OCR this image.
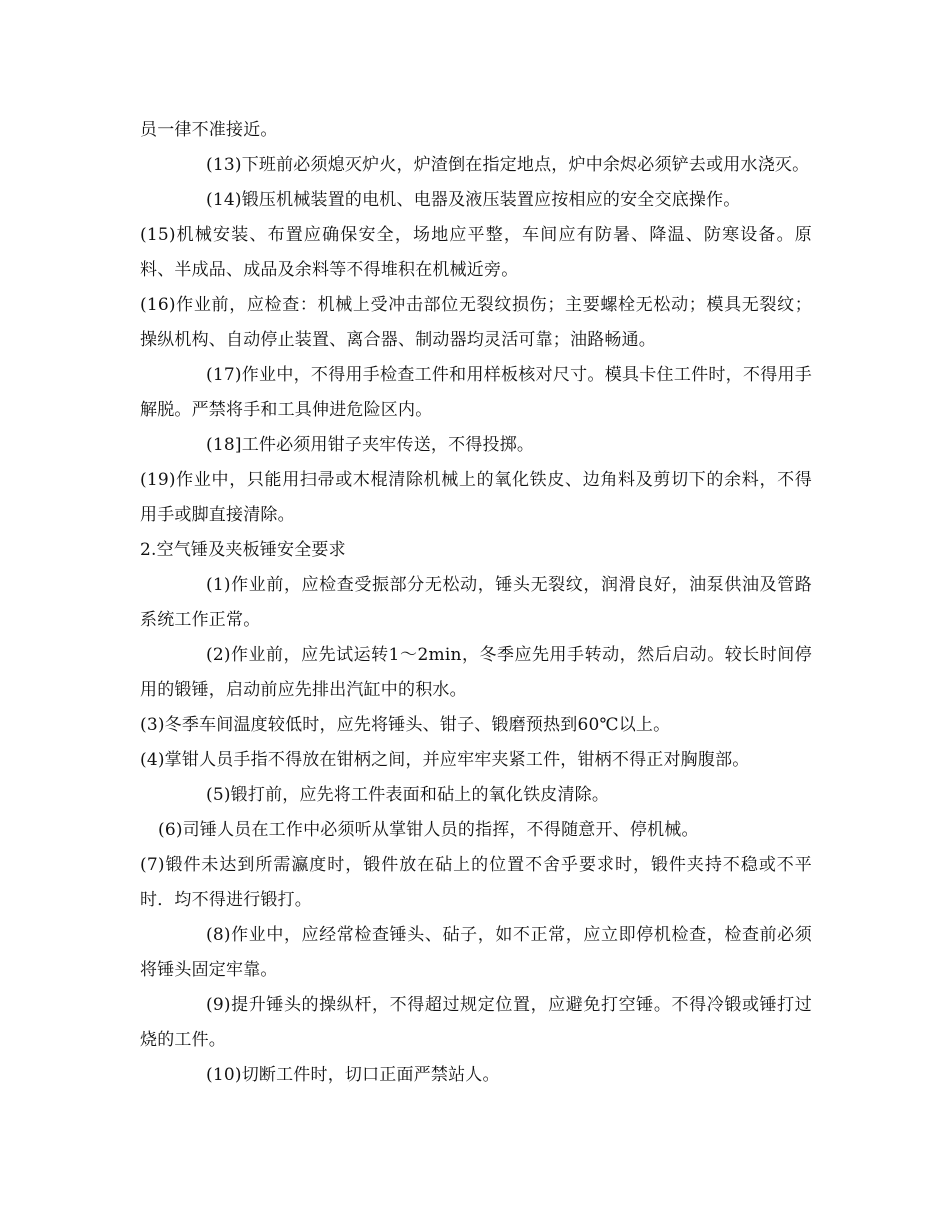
员一律不准接近。

(13)下班前必须熄灭炉火，炉渣倒在指定地点，炉中余烬必须铲去或用水浇灭。

(14)锻压机械装置的电机、电器及液压装置应按相应的安全交底操作。

(15)机械安装、布置应确保安全，场地应平整，车间应有防暑、降温、防寒设备。原料、半成品、成品及余料等不得堆积在机械近旁。

(16)作业前，应检查：机械上受冲击部位无裂纹损伤；主要螺栓无松动；模具无裂纹；操纵机构、自动停止装置、离合器、制动器均灵活可靠；油路畅通。

(17)作业中，不得用手检查工件和用样板核对尺寸。模具卡住工件时，不得用手解脱。严禁将手和工具伸进危险区内。

(18]工件必须用钳子夹牢传送，不得投掷。

(19)作业中，只能用扫帚或木棍清除机械上的氧化铁皮、边角料及剪切下的余料，不得用手或脚直接清除。

2.空气锤及夹板锤安全要求

(1)作业前，应检查受振部分无松动，锤头无裂纹，润滑良好，油泵供油及管路系统工作正常。

(2)作业前，应先试运转1～2min，冬季应先用手转动，然后启动。较长时间停用的锻锤，启动前应先排出汽缸中的积水。

(3)冬季车间温度较低时，应先将锤头、钳子、锻磨预热到60℃以上。

(4)掌钳人员手指不得放在钳柄之间，并应牢牢夹紧工件，钳柄不得正对胸腹部。

(5)锻打前，应先将工件表面和砧上的氧化铁皮清除。

(6)司锤人员在工作中必须听从掌钳人员的指挥，不得随意开、停机械。

(7)锻件未达到所需瀛度时，锻件放在砧上的位置不舍乎要求时，锻件夹持不稳或不平时．均不得进行锻打。

(8)作业中，应经常检查锤头、砧子，如不正常，应立即停机检查，检查前必须将锤头固定牢靠。

(9)提升锤头的操纵杆，不得超过规定位置，应避免打空锤。不得冷锻或锤打过烧的工件。

(10)切断工件时，切口正面严禁站人。
